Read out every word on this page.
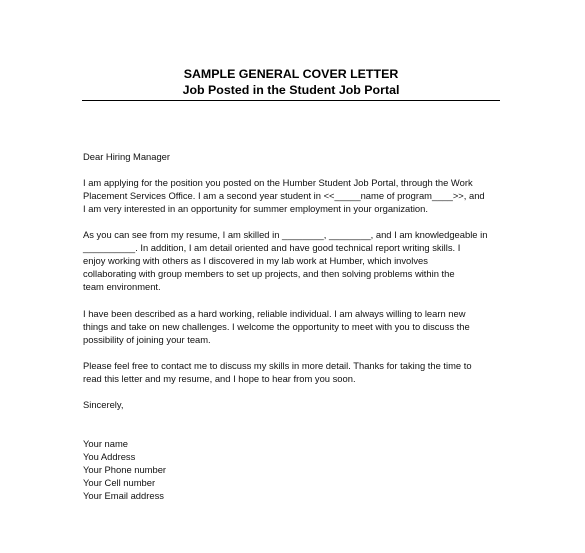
SAMPLE GENERAL COVER LETTER
Job Posted in the Student Job Portal
Dear Hiring Manager
I am applying for the position you posted on the Humber Student Job Portal, through the Work
Placement Services Office. I am a second year student in <<_____name of program____>>, and
I am very interested in an opportunity for summer employment in your organization.
As you can see from my resume, I am skilled in ________, ________, and I am knowledgeable in
__________. In addition, I am detail oriented and have good technical report writing skills. I
enjoy working with others as I discovered in my lab work at Humber, which involves
collaborating with group members to set up projects, and then solving problems within the
team environment.
I have been described as a hard working, reliable individual. I am always willing to learn new
things and take on new challenges. I welcome the opportunity to meet with you to discuss the
possibility of joining your team.
Please feel free to contact me to discuss my skills in more detail. Thanks for taking the time to
read this letter and my resume, and I hope to hear from you soon.
Sincerely,
Your name
You Address
Your Phone number
Your Cell number
Your Email address
